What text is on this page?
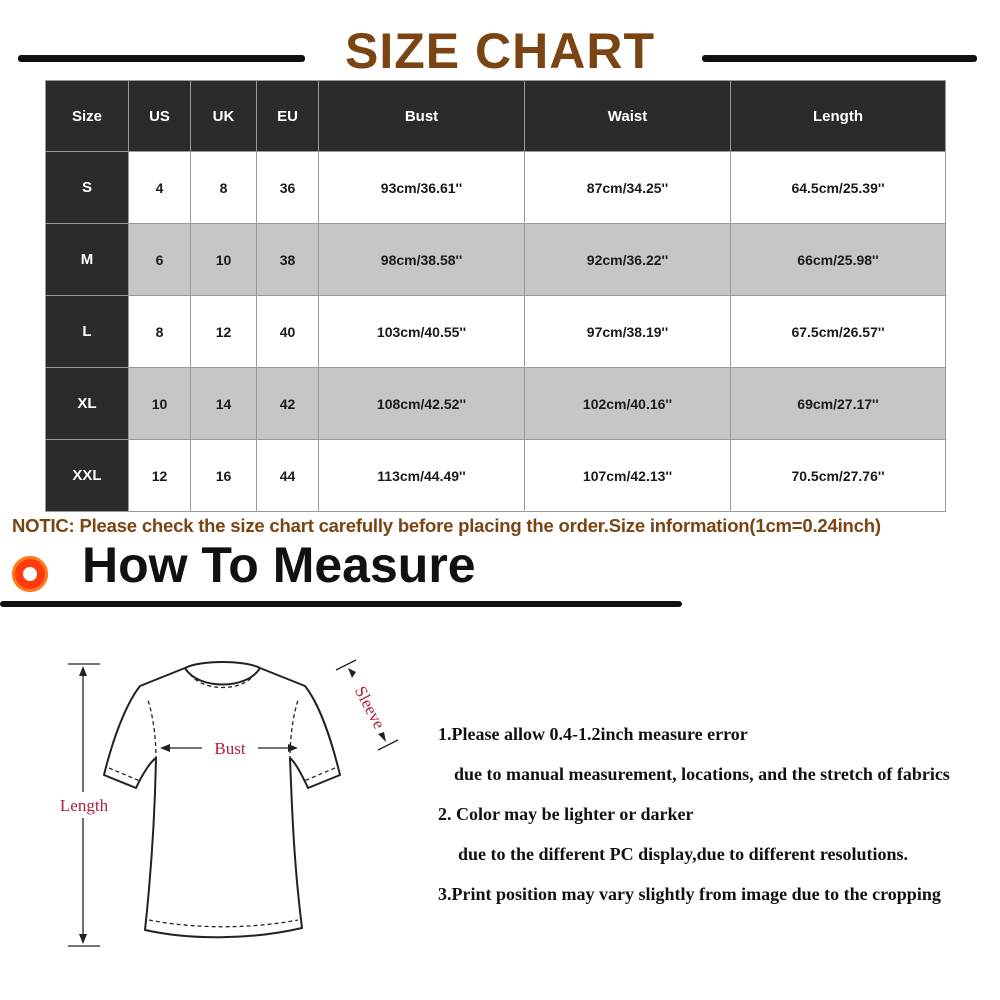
SIZE CHART
Size	US	UK	EU	Bust	Waist	Length
S	4	8	36	93cm/36.61''	87cm/34.25''	64.5cm/25.39''
M	6	10	38	98cm/38.58''	92cm/36.22''	66cm/25.98''
L	8	12	40	103cm/40.55''	97cm/38.19''	67.5cm/26.57''
XL	10	14	42	108cm/42.52''	102cm/40.16''	69cm/27.17''
XXL	12	16	44	113cm/44.49''	107cm/42.13''	70.5cm/27.76''
NOTIC: Please check the size chart carefully before placing the order.Size information(1cm=0.24inch)
How To Measure
Length
Bust
Sleeve
1.Please allow 0.4-1.2inch measure error
due to manual measurement, locations, and the stretch of fabrics
2. Color may be lighter or darker
due to the different PC display,due to different resolutions.
3.Print position may vary slightly from image due to the cropping
